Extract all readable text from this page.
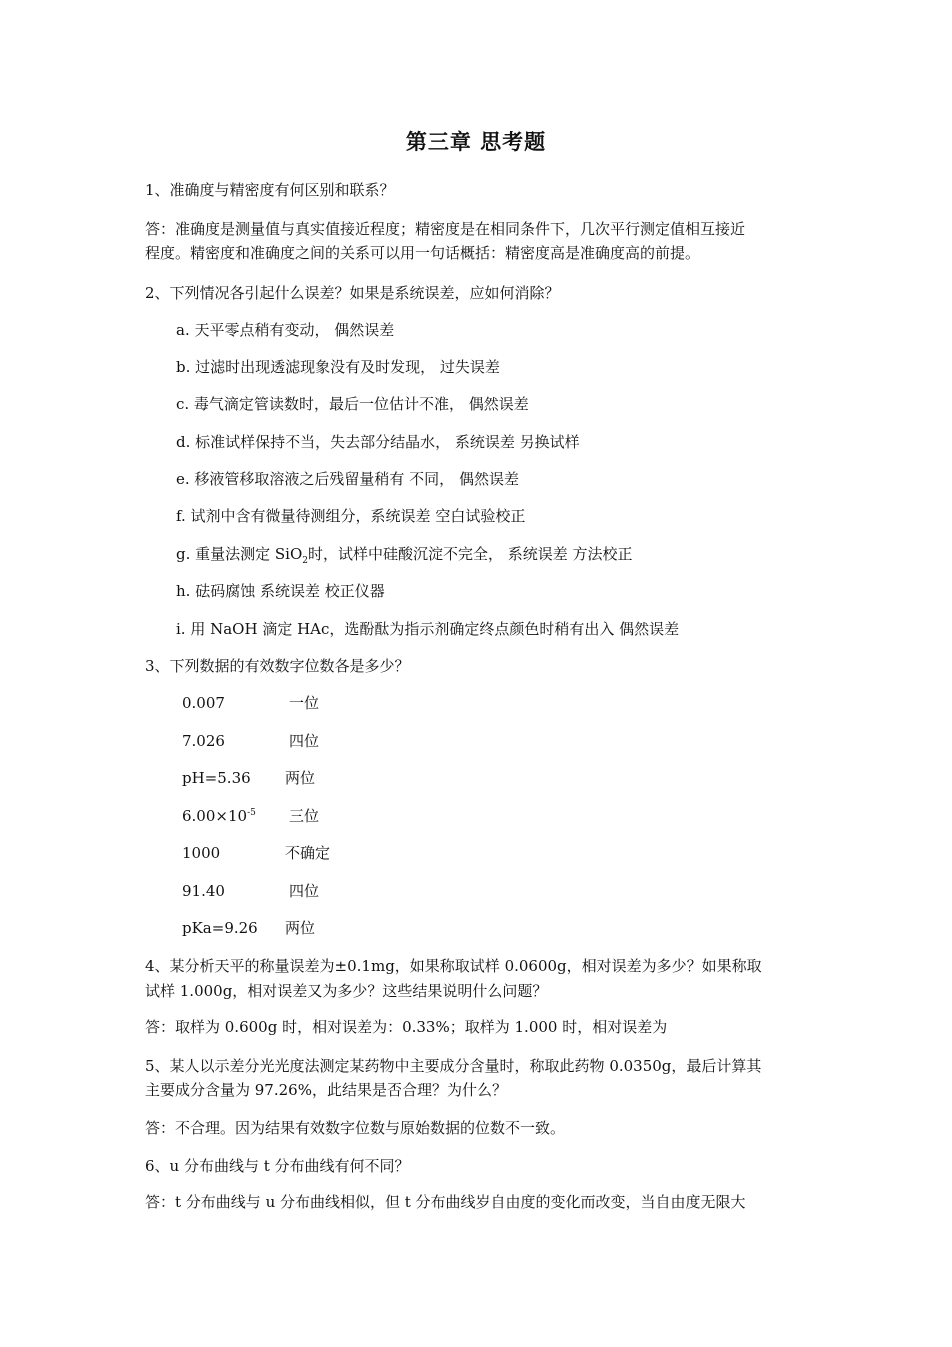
第三章 思考题
1、准确度与精密度有何区别和联系？
答：准确度是测量值与真实值接近程度；精密度是在相同条件下，几次平行测定值相互接近
程度。精密度和准确度之间的关系可以用一句话概括：精密度高是准确度高的前提。
2、下列情况各引起什么误差？如果是系统误差，应如何消除？
a. 天平零点稍有变动， 偶然误差
b. 过滤时出现透滤现象没有及时发现， 过失误差
c. 毒气滴定管读数时，最后一位估计不准， 偶然误差
d. 标准试样保持不当，失去部分结晶水， 系统误差 另换试样
e. 移液管移取溶液之后残留量稍有 不同， 偶然误差
f. 试剂中含有微量待测组分，系统误差 空白试验校正
g. 重量法测定 SiO$_2$时，试样中硅酸沉淀不完全， 系统误差 方法校正
h. 砝码腐蚀 系统误差 校正仪器
i. 用 NaOH 滴定 HAc，选酚酞为指示剂确定终点颜色时稍有出入 偶然误差
3、下列数据的有效数字位数各是多少？
0.007	一位
7.026	四位
pH=5.36 两位
$6.00\times 10^{-5}$ 三位
1000	不确定
91.40	四位
pKa=9.26 两位
4、某分析天平的称量误差为±0.1mg，如果称取试样 0.0600g，相对误差为多少？如果称取
试样 1.000g，相对误差又为多少？这些结果说明什么问题？
答：取样为 0.600g 时，相对误差为：0.33%；取样为 1.000 时，相对误差为
5、某人以示差分光光度法测定某药物中主要成分含量时，称取此药物 0.0350g，最后计算其
主要成分含量为 97.26%，此结果是否合理？为什么？
答：不合理。因为结果有效数字位数与原始数据的位数不一致。
6、u 分布曲线与 t 分布曲线有何不同？
答：t 分布曲线与 u 分布曲线相似，但 t 分布曲线岁自由度的变化而改变，当自由度无限大
